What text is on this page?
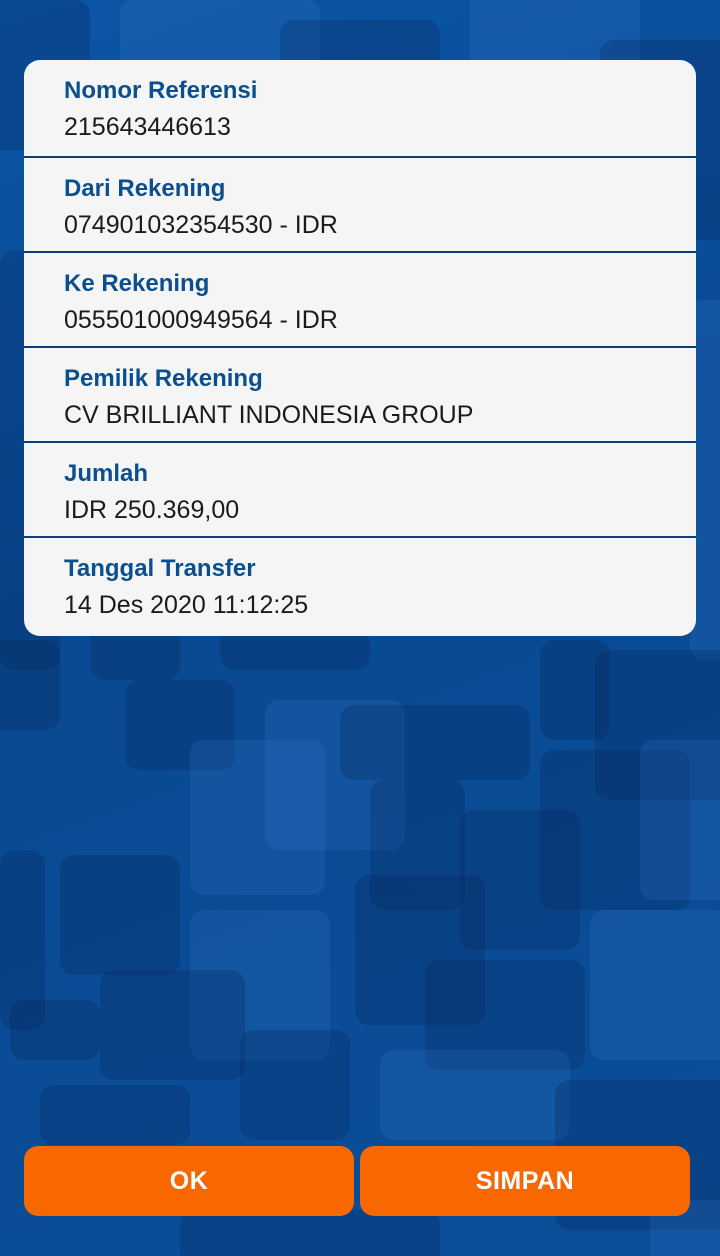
Nomor Referensi
215643446613
Dari Rekening
074901032354530 - IDR
Ke Rekening
055501000949564 - IDR
Pemilik Rekening
CV BRILLIANT INDONESIA GROUP
Jumlah
IDR 250.369,00
Tanggal Transfer
14 Des 2020 11:12:25
OK	SIMPAN
